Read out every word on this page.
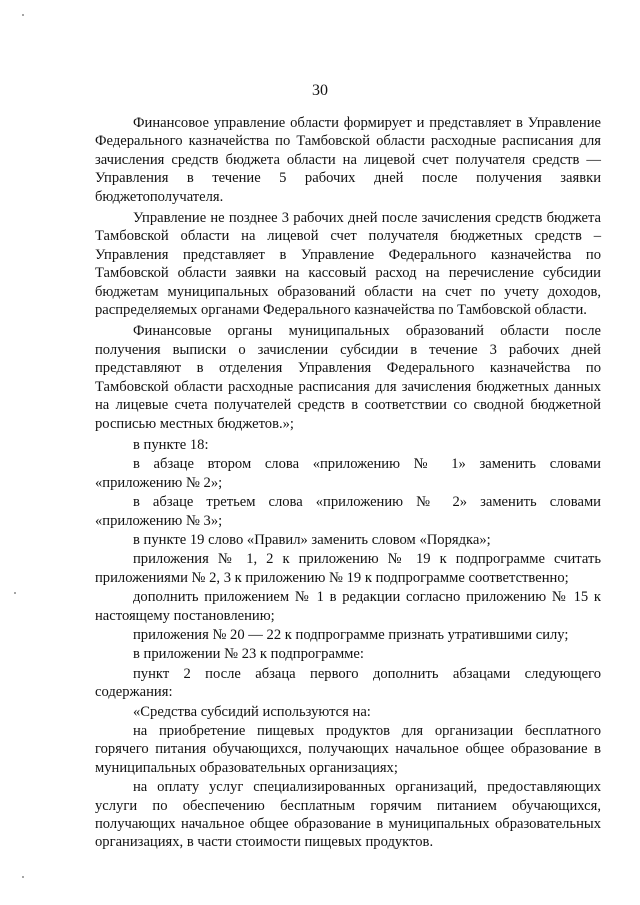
30

Финансовое управление области формирует и представляет в Управление Федерального казначейства по Тамбовской области расходные расписания для зачисления средств бюджета области на лицевой счет получателя средств — Управления в течение 5 рабочих дней после получения заявки бюджетополучателя.

Управление не позднее 3 рабочих дней после зачисления средств бюджета Тамбовской области на лицевой счет получателя бюджетных средств – Управления представляет в Управление Федерального казначейства по Тамбовской области заявки на кассовый расход на перечисление субсидии бюджетам муниципальных образований области на счет по учету доходов, распределяемых органами Федерального казначейства по Тамбовской области.

Финансовые органы муниципальных образований области после получения выписки о зачислении субсидии в течение 3 рабочих дней представляют в отделения Управления Федерального казначейства по Тамбовской области расходные расписания для зачисления бюджетных данных на лицевые счета получателей средств в соответствии со сводной бюджетной росписью местных бюджетов.»;

в пункте 18:

в абзаце втором слова «приложению № 1» заменить словами «приложению № 2»;

в абзаце третьем слова «приложению № 2» заменить словами «приложению № 3»;

в пункте 19 слово «Правил» заменить словом «Порядка»;

приложения № 1, 2 к приложению № 19 к подпрограмме считать приложениями № 2, 3 к приложению № 19 к подпрограмме соответственно;

дополнить приложением № 1 в редакции согласно приложению № 15 к настоящему постановлению;

приложения № 20 — 22 к подпрограмме признать утратившими силу;

в приложении № 23 к подпрограмме:

пункт 2 после абзаца первого дополнить абзацами следующего содержания:

«Средства субсидий используются на:

на приобретение пищевых продуктов для организации бесплатного горячего питания обучающихся, получающих начальное общее образование в муниципальных образовательных организациях;

на оплату услуг специализированных организаций, предоставляющих услуги по обеспечению бесплатным горячим питанием обучающихся, получающих начальное общее образование в муниципальных образовательных организациях, в части стоимости пищевых продуктов.
